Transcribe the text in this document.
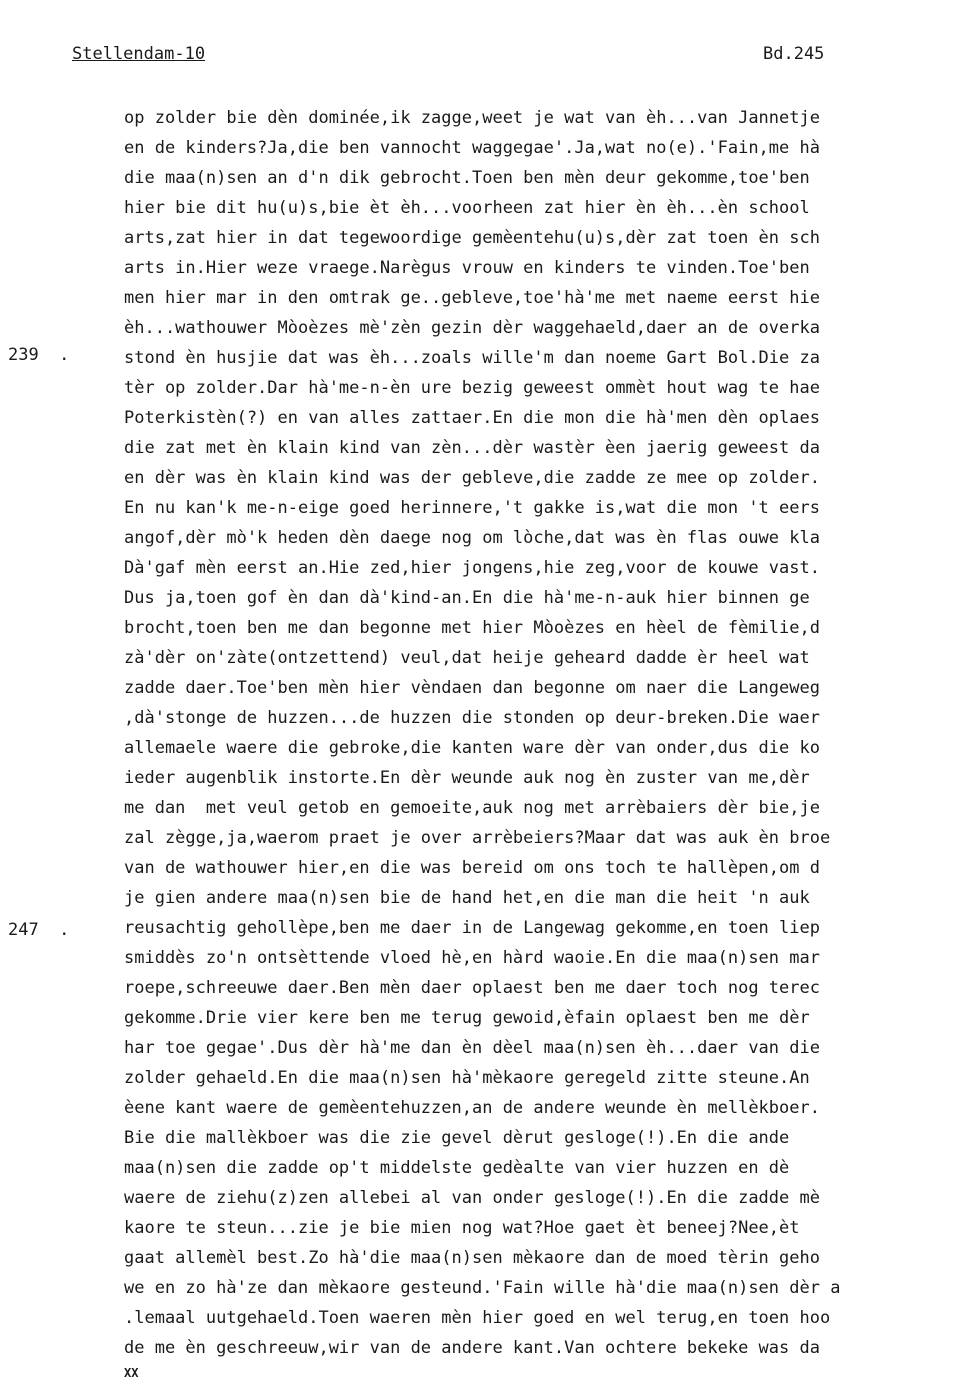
Stellendam-10	Bd.245
239  .
247  .
op zolder bie dèn dominée,ik zagge,weet je wat van èh...van Jannetje
en de kinders?Ja,die ben vannocht waggegae'.Ja,wat no(e).'Fain,me hà
die maa(n)sen an d'n dik gebrocht.Toen ben mèn deur gekomme,toe'ben
hier bie dit hu(u)s,bie èt èh...voorheen zat hier èn èh...èn school
arts,zat hier in dat tegewoordige gemèentehu(u)s,dèr zat toen èn sch
arts in.Hier weze vraege.Narègus vrouw en kinders te vinden.Toe'ben
men hier mar in den omtrak ge..gebleve,toe'hà'me met naeme eerst hie
èh...wathouwer Mòoèzes mè'zèn gezin dèr waggehaeld,daer an de overka
stond èn husjie dat was èh...zoals wille'm dan noeme Gart Bol.Die za
tèr op zolder.Dar hà'me-n-èn ure bezig geweest ommèt hout wag te hae
Poterkistèn(?) en van alles zattaer.En die mon die hà'men dèn oplaes
die zat met èn klain kind van zèn...dèr wastèr èen jaerig geweest da
en dèr was èn klain kind was der gebleve,die zadde ze mee op zolder.
En nu kan'k me-n-eige goed herinnere,'t gakke is,wat die mon 't eers
angof,dèr mò'k heden dèn daege nog om lòche,dat was èn flas ouwe kla
Dà'gaf mèn eerst an.Hie zed,hier jongens,hie zeg,voor de kouwe vast.
Dus ja,toen gof èn dan dà'kind-an.En die hà'me-n-auk hier binnen ge
brocht,toen ben me dan begonne met hier Mòoèzes en hèel de fèmilie,d
zà'dèr on'zàte(ontzettend) veul,dat heije geheard dadde èr heel wat
zadde daer.Toe'ben mèn hier vèndaen dan begonne om naer die Langeweg
,dà'stonge de huzzen...de huzzen die stonden op deur-breken.Die waer
allemaele waere die gebroke,die kanten ware dèr van onder,dus die ko
ieder augenblik instorte.En dèr weunde auk nog èn zuster van me,dèr
me dan  met veul getob en gemoeite,auk nog met arrèbaiers dèr bie,je
zal zègge,ja,waerom praet je over arrèbeiers?Maar dat was auk èn broe
van de wathouwer hier,en die was bereid om ons toch te hallèpen,om d
je gien andere maa(n)sen bie de hand het,en die man die heit 'n auk
reusachtig gehollèpe,ben me daer in de Langewag gekomme,en toen liep
smiddès zo'n ontsèttende vloed hè,en hàrd waoie.En die maa(n)sen mar
roepe,schreeuwe daer.Ben mèn daer oplaest ben me daer toch nog terec
gekomme.Drie vier kere ben me terug gewoid,èfain oplaest ben me dèr
har toe gegae'.Dus dèr hà'me dan èn dèel maa(n)sen èh...daer van die
zolder gehaeld.En die maa(n)sen hà'mèkaore geregeld zitte steune.An
èene kant waere de gemèentehuzzen,an de andere weunde èn mellèkboer.
Bie die mallèkboer was die zie gevel dèrut gesloge(!).En die ande
maa(n)sen die zadde op't middelste gedèalte van vier huzzen en dè
waere de ziehu(z)zen allebei al van onder gesloge(!).En die zadde mè
kaore te steun...zie je bie mien nog wat?Hoe gaet èt beneej?Nee,èt
gaat allemèl best.Zo hà'die maa(n)sen mèkaore dan de moed tèrin geho
we en zo hà'ze dan mèkaore gesteund.'Fain wille hà'die maa(n)sen dèr a
.lemaal uutgehaeld.Toen waeren mèn hier goed en wel terug,en toen hoo
de me èn geschreeuw,wir van de andere kant.Van ochtere bekeke was da
XX
